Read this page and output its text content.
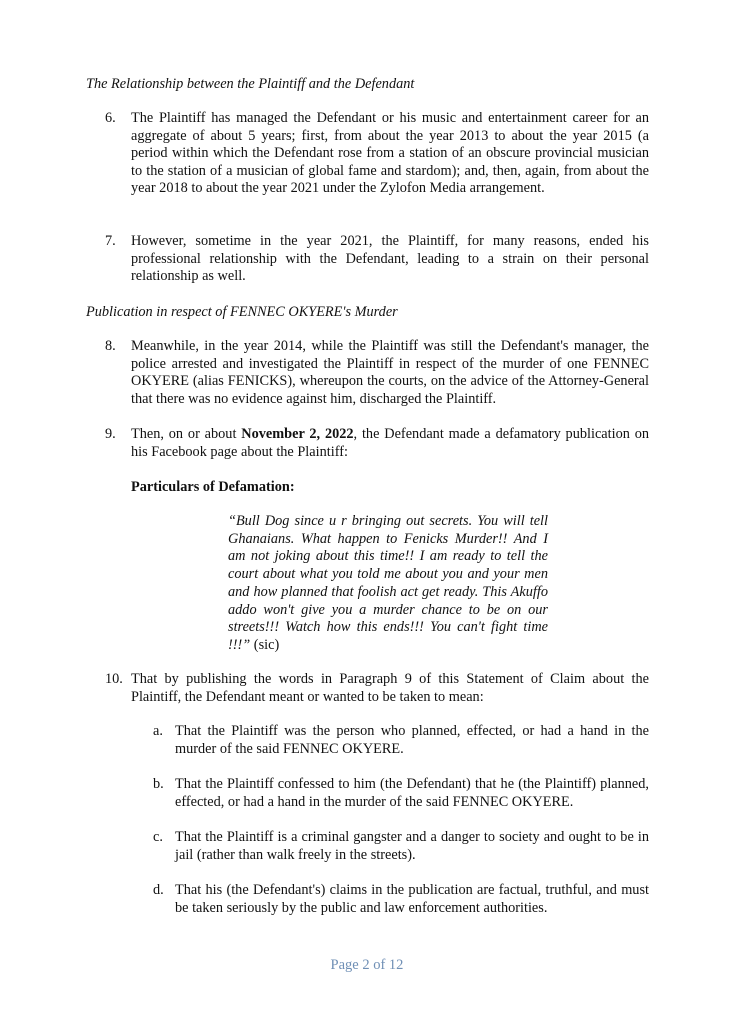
The Relationship between the Plaintiff and the Defendant
6.	The Plaintiff has managed the Defendant or his music and entertainment career for an aggregate of about 5 years; first, from about the year 2013 to about the year 2015 (a period within which the Defendant rose from a station of an obscure provincial musician to the station of a musician of global fame and stardom); and, then, again, from about the year 2018 to about the year 2021 under the Zylofon Media arrangement.
7.	However, sometime in the year 2021, the Plaintiff, for many reasons, ended his professional relationship with the Defendant, leading to a strain on their personal relationship as well.
Publication in respect of FENNEC OKYERE's Murder
8.	Meanwhile, in the year 2014, while the Plaintiff was still the Defendant's manager, the police arrested and investigated the Plaintiff in respect of the murder of one FENNEC OKYERE (alias FENICKS), whereupon the courts, on the advice of the Attorney-General that there was no evidence against him, discharged the Plaintiff.
9.	Then, on or about November 2, 2022, the Defendant made a defamatory publication on his Facebook page about the Plaintiff:
Particulars of Defamation:
“Bull Dog since u r bringing out secrets. You will tell Ghanaians. What happen to Fenicks Murder!! And I am not joking about this time!! I am ready to tell the court about what you told me about you and your men and how planned that foolish act get ready. This Akuffo addo won't give you a murder chance to be on our streets!!! Watch how this ends!!! You can't fight time !!!” (sic)
10. That by publishing the words in Paragraph 9 of this Statement of Claim about the Plaintiff, the Defendant meant or wanted to be taken to mean:
a. That the Plaintiff was the person who planned, effected, or had a hand in the murder of the said FENNEC OKYERE.
b. That the Plaintiff confessed to him (the Defendant) that he (the Plaintiff) planned, effected, or had a hand in the murder of the said FENNEC OKYERE.
c. That the Plaintiff is a criminal gangster and a danger to society and ought to be in jail (rather than walk freely in the streets).
d. That his (the Defendant's) claims in the publication are factual, truthful, and must be taken seriously by the public and law enforcement authorities.
Page 2 of 12
